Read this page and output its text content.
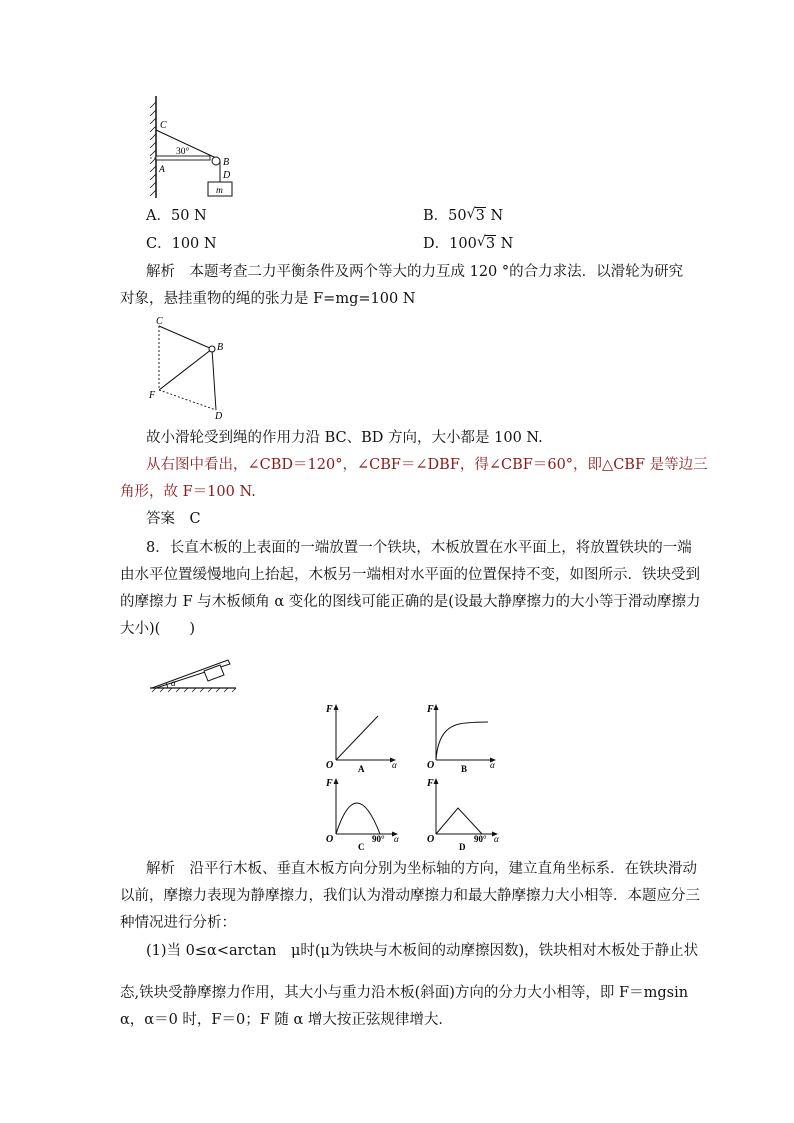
C
30°
B
A	D
m
A．50 N	B．50 √ 3 N
C．100 N	D．100 √ 3 N
解析　本题考查二力平衡条件及两个等大的力互成 120 °的合力求法．以滑轮为研究
对象，悬挂重物的绳的张力是 F=mg=100 N
C
B
F
D
故小滑轮受到绳的作用力沿 BC、BD 方向，大小都是 100 N.
从右图中看出，∠CBD＝120°，∠CBF＝∠DBF，得∠CBF＝60°，即△CBF 是等边三
角形，故 F＝100 N.
答案　C
8．长直木板的上表面的一端放置一个铁块，木板放置在水平面上，将放置铁块的一端
由水平位置缓慢地向上抬起，木板另一端相对水平面的位置保持不变，如图所示．铁块受到
的摩擦力 F 与木板倾角 α 变化的图线可能正确的是(设最大静摩擦力的大小等于滑动摩擦力
大小)(　　)
α
F
O	α
A
F
O	α
B
F
O	90° α
C
F
O	90° α
D
解析　沿平行木板、垂直木板方向分别为坐标轴的方向，建立直角坐标系．在铁块滑动
以前，摩擦力表现为静摩擦力，我们认为滑动摩擦力和最大静摩擦力大小相等．本题应分三
种情况进行分析：
(1)当 0≤α<arctan　μ时(μ为铁块与木板间的动摩擦因数)，铁块相对木板处于静止状
态,铁块受静摩擦力作用，其大小与重力沿木板(斜面)方向的分力大小相等，即 F＝mgsin
α，α＝0 时，F＝0；F 随 α 增大按正弦规律增大．
